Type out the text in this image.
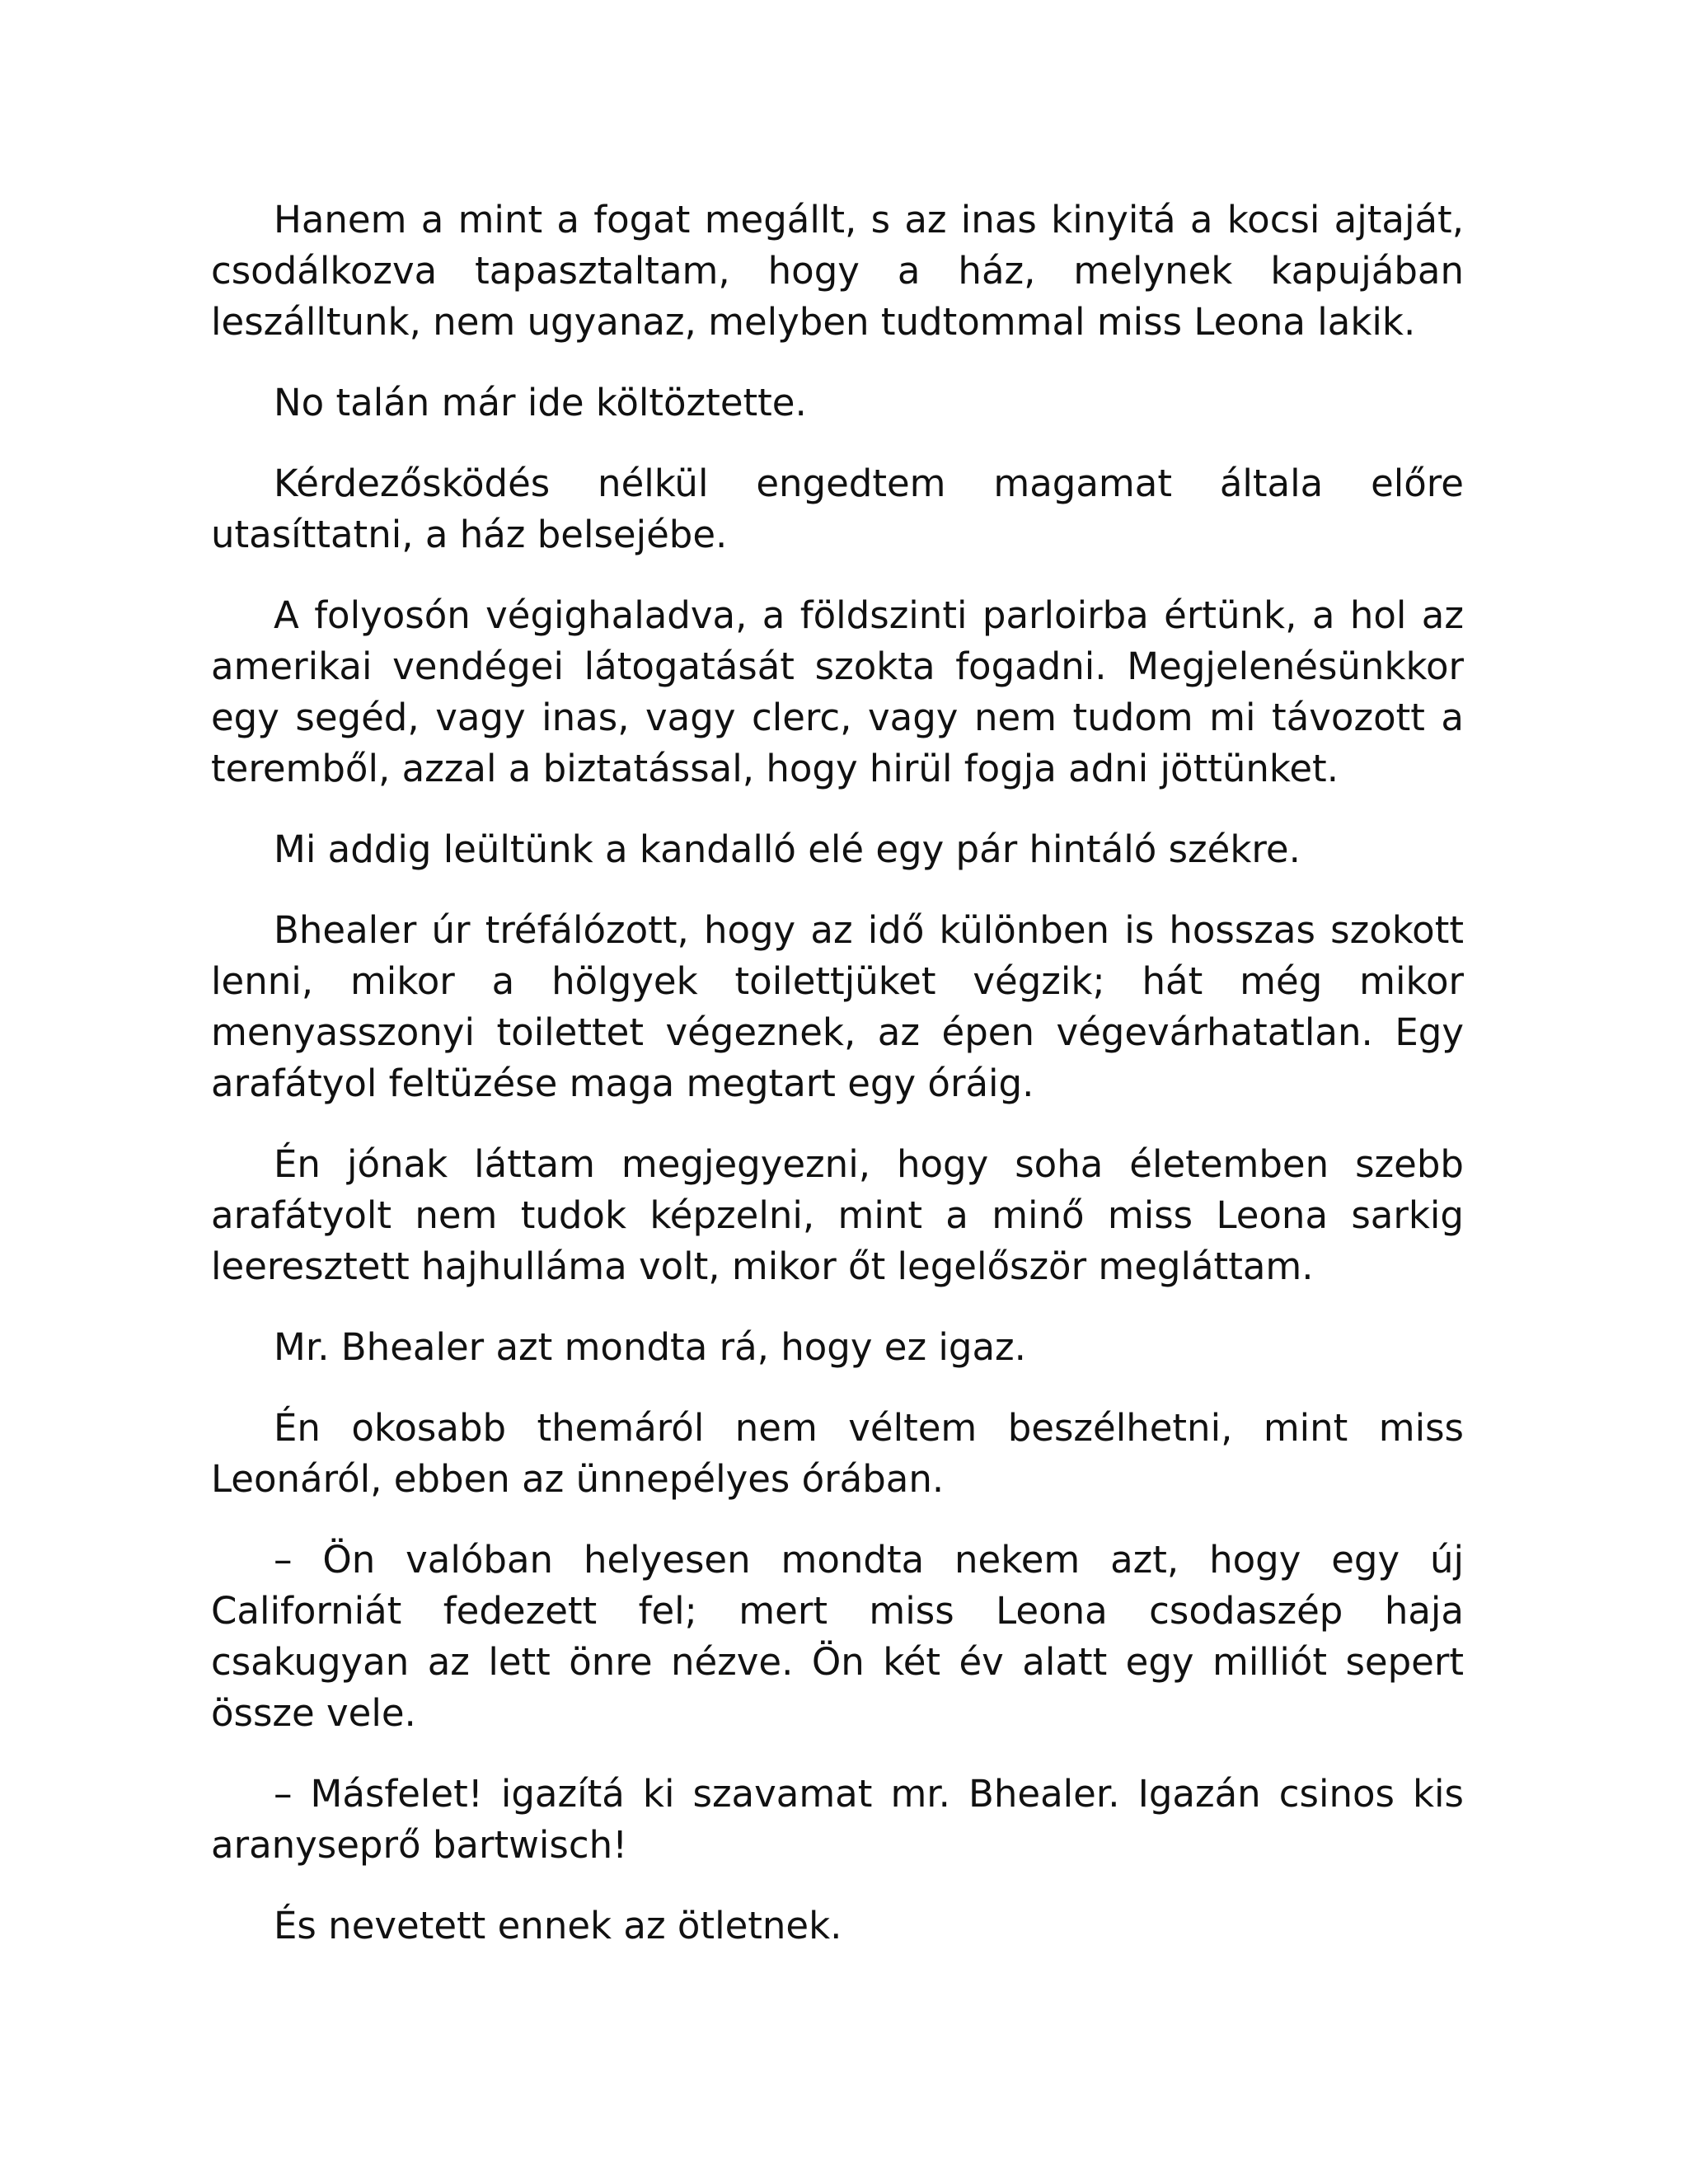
Hanem a mint a fogat megállt, s az inas kinyitá a kocsi ajtaját, csodálkozva tapasztaltam, hogy a ház, melynek kapujában leszálltunk, nem ugyanaz, melyben tudtommal miss Leona lakik.

No talán már ide költöztette.

Kérdezősködés nélkül engedtem magamat általa előre utasíttatni, a ház belsejébe.

A folyosón végighaladva, a földszinti parloirba értünk, a hol az amerikai vendégei látogatását szokta fogadni. Megjelenésünkkor egy segéd, vagy inas, vagy clerc, vagy nem tudom mi távozott a teremből, azzal a biztatással, hogy hirül fogja adni jöttünket.

Mi addig leültünk a kandalló elé egy pár hintáló székre.

Bhealer úr tréfálózott, hogy az idő különben is hosszas szokott lenni, mikor a hölgyek toilettjüket végzik; hát még mikor menyasszonyi toilettet végeznek, az épen végevárhatatlan. Egy arafátyol feltüzése maga megtart egy óráig.

Én jónak láttam megjegyezni, hogy soha életemben szebb arafátyolt nem tudok képzelni, mint a minő miss Leona sarkig leeresztett hajhulláma volt, mikor őt legelőször megláttam.

Mr. Bhealer azt mondta rá, hogy ez igaz.

Én okosabb themáról nem véltem beszélhetni, mint miss Leonáról, ebben az ünnepélyes órában.

– Ön valóban helyesen mondta nekem azt, hogy egy új Californiát fedezett fel; mert miss Leona csodaszép haja csakugyan az lett önre nézve. Ön két év alatt egy milliót sepert össze vele.

– Másfelet! igazítá ki szavamat mr. Bhealer. Igazán csinos kis aranyseprő bartwisch!

És nevetett ennek az ötletnek.
